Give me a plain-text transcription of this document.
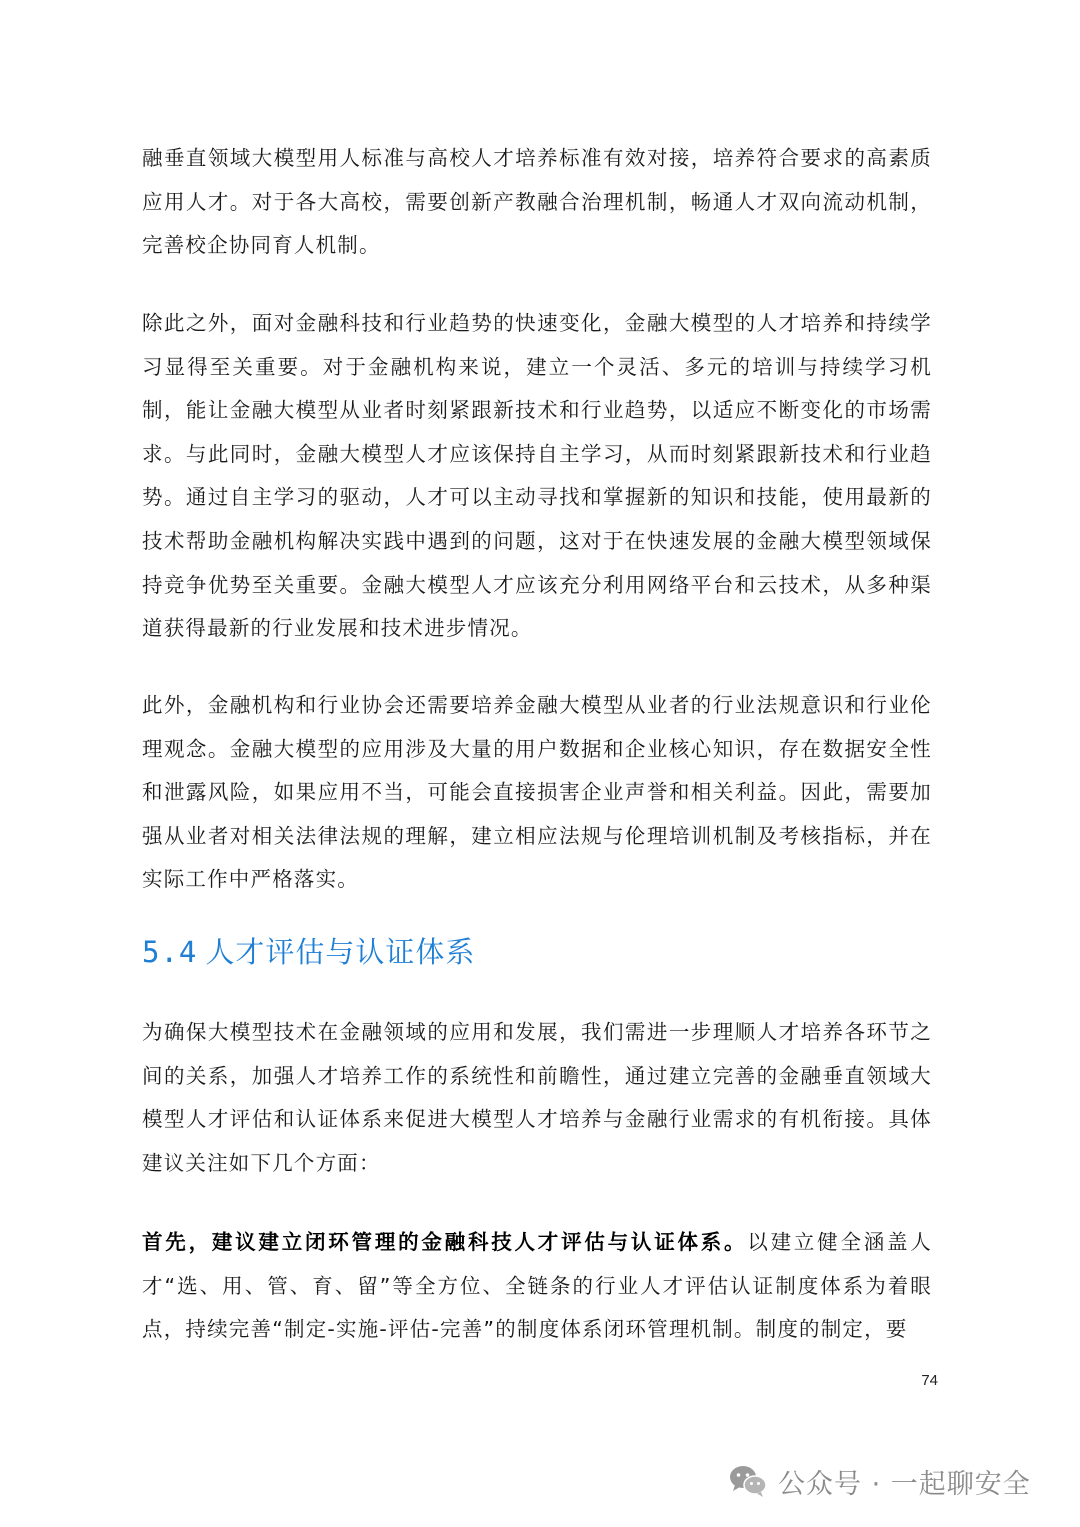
融垂直领域大模型用人标准与高校人才培养标准有效对接，培养符合要求的高素质应用人才。对于各大高校，需要创新产教融合治理机制，畅通人才双向流动机制，完善校企协同育人机制。

除此之外，面对金融科技和行业趋势的快速变化，金融大模型的人才培养和持续学习显得至关重要。对于金融机构来说，建立一个灵活、多元的培训与持续学习机制，能让金融大模型从业者时刻紧跟新技术和行业趋势，以适应不断变化的市场需求。与此同时，金融大模型人才应该保持自主学习，从而时刻紧跟新技术和行业趋势。通过自主学习的驱动，人才可以主动寻找和掌握新的知识和技能，使用最新的技术帮助金融机构解决实践中遇到的问题，这对于在快速发展的金融大模型领域保持竞争优势至关重要。金融大模型人才应该充分利用网络平台和云技术，从多种渠道获得最新的行业发展和技术进步情况。

此外，金融机构和行业协会还需要培养金融大模型从业者的行业法规意识和行业伦理观念。金融大模型的应用涉及大量的用户数据和企业核心知识，存在数据安全性和泄露风险，如果应用不当，可能会直接损害企业声誉和相关利益。因此，需要加强从业者对相关法律法规的理解，建立相应法规与伦理培训机制及考核指标，并在实际工作中严格落实。

5.4 人才评估与认证体系

为确保大模型技术在金融领域的应用和发展，我们需进一步理顺人才培养各环节之间的关系，加强人才培养工作的系统性和前瞻性，通过建立完善的金融垂直领域大模型人才评估和认证体系来促进大模型人才培养与金融行业需求的有机衔接。具体建议关注如下几个方面：

首先，建议建立闭环管理的金融科技人才评估与认证体系。以建立健全涵盖人才“选、用、管、育、留”等全方位、全链条的行业人才评估认证制度体系为着眼点，持续完善“制定-实施-评估-完善”的制度体系闭环管理机制。制度的制定，要

74
公众号 · 一起聊安全
